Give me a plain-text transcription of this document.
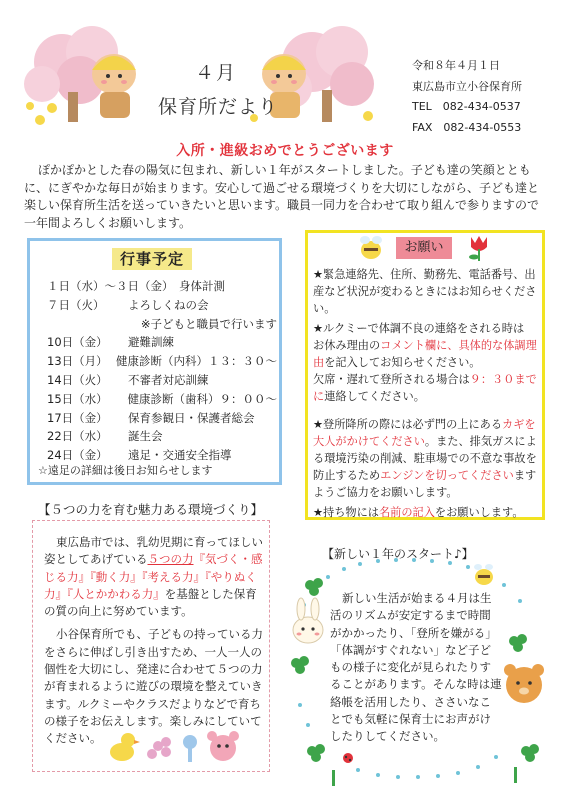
４月
保育所だより
令和８年４月１日
東広島市立小谷保育所
TEL　082-434-0537
FAX　082-434-0553
入所・進級おめでとうございます
ぽかぽかとした春の陽気に包まれ、新しい１年がスタートしました。子ども達の笑顔とともに、にぎやかな毎日が始まります。安心して過ごせる環境づくりを大切にしながら、子ども達と楽しい保育所生活を送っていきたいと思います。職員一同力を合わせて取り組んで参りますので一年間よろしくお願いします。
行事予定
１日（水）～３日（金） 身体計測
７日（火）	よろしくねの会
※子どもと職員で行います
10日（金）	避難訓練
13日（月） 健康診断（内科）１３：３０～
14日（火）	不審者対応訓練
15日（水）	健康診断（歯科）９：００～
17日（金）	保育参観日・保護者総会
22日（水）	誕生会
24日（金）	遠足・交通安全指導
☆遠足の詳細は後日お知らせします
お願い
★緊急連絡先、住所、勤務先、電話番号、出産など状況が変わるときにはお知らせください。
★ルクミーで体調不良の連絡をされる時は
お休み理由のコメント欄に、具体的な体調理由を記入してお知らせください。
欠席・遅れて登所される場合は９：３０までに連絡してください。
★登所降所の際には必ず門の上にあるカギを大人がかけてください。また、排気ガスによる環境汚染の削減、駐車場での不意な事故を防止するためエンジンを切ってくださいますようご協力をお願いします。
★持ち物には名前の記入をお願いします。
【５つの力を育む魅力ある環境づくり】

東広島市では、乳幼児期に育ってほしい姿としてあげている５つの力『気づく・感じる力』『動く力』『考える力』『やりぬく力』『人とかかわる力』を基盤とした保育の質の向上に努めています。

小谷保育所でも、子どもの持っている力をさらに伸ばし引き出すため、一人一人の個性を大切にし、発達に合わせて５つの力が育まれるように遊びの環境を整えていきます。ルクミーやクラスだよりなどで育ちの様子をお伝えします。楽しみにしていてください。

【新しい１年のスタート♪】

新しい生活が始まる４月は生活のリズムが安定するまで時間がかかったり、「登所を嫌がる」「体調がすぐれない」など子どもの様子に変化が見られたりすることがあります。そんな時は連絡帳を活用したり、ささいなことでも気軽に保育士にお声がけしたりしてください。
